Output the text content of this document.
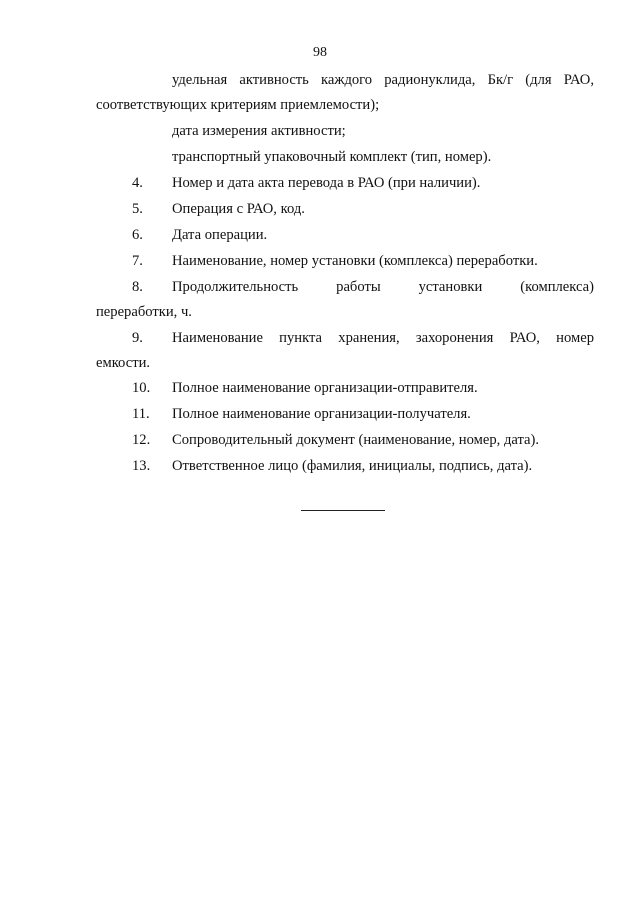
98
удельная активность каждого радионуклида, Бк/г (для РАО,
соответствующих критериям приемлемости);
дата измерения активности;
транспортный упаковочный комплект (тип, номер).
4.	Номер и дата акта перевода в РАО (при наличии).
5.	Операция с РАО, код.
6.	Дата операции.
7.	Наименование, номер установки (комплекса) переработки.
8.	Продолжительность работы установки (комплекса)
переработки, ч.
9.	Наименование пункта хранения, захоронения РАО, номер
емкости.
10.	Полное наименование организации-отправителя.
11.	Полное наименование организации-получателя.
12.	Сопроводительный документ (наименование, номер, дата).
13.	Ответственное лицо (фамилия, инициалы, подпись, дата).
